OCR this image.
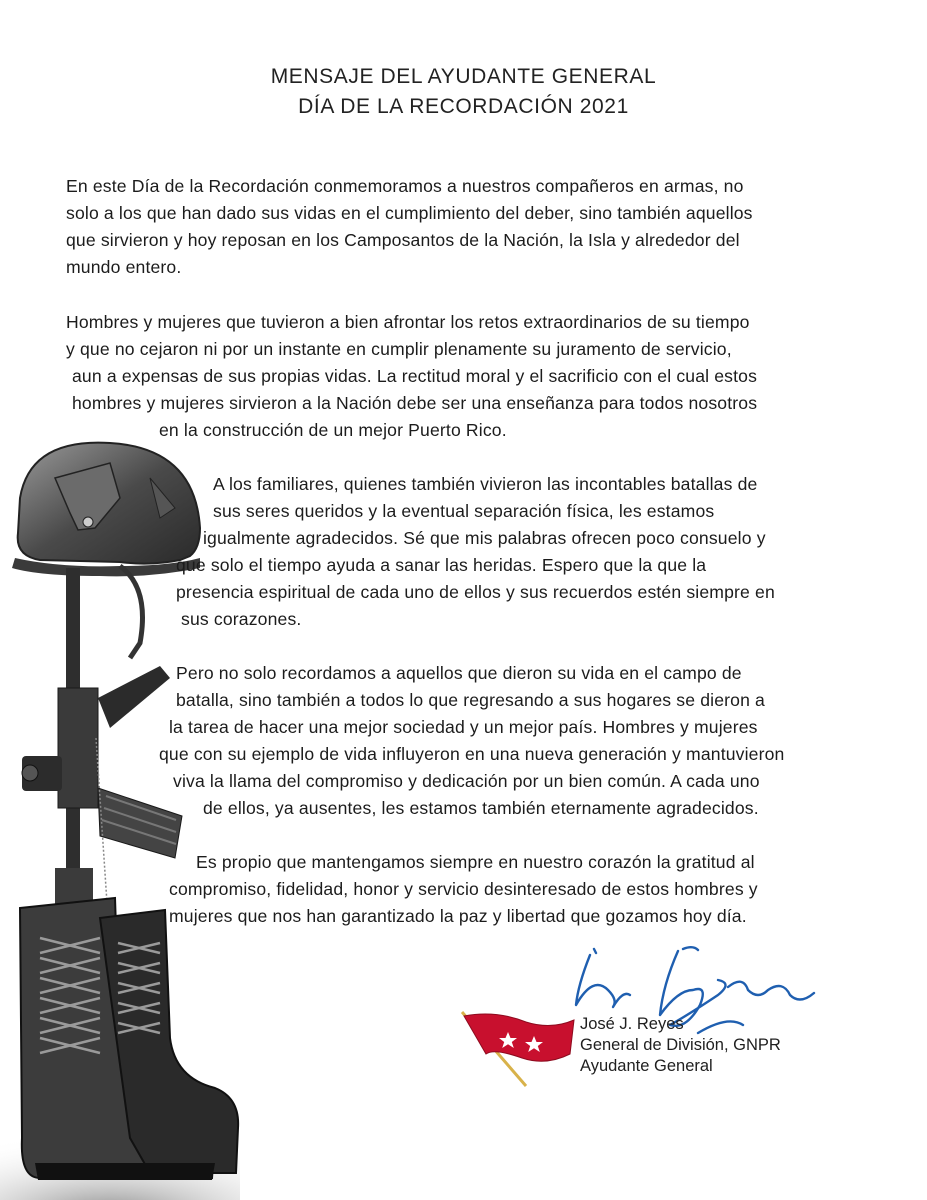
MENSAJE DEL AYUDANTE GENERAL
DÍA DE LA RECORDACIÓN 2021
En este Día de la Recordación conmemoramos a nuestros compañeros en armas, no
solo a los que han dado sus vidas en el cumplimiento del deber, sino también aquellos
que sirvieron y hoy reposan en los Camposantos de la Nación, la Isla y alrededor del
mundo entero.
Hombres y mujeres que tuvieron a bien afrontar los retos extraordinarios de su tiempo
y que no cejaron ni por un instante en cumplir plenamente su juramento de servicio,
aun a expensas de sus propias vidas. La rectitud moral y el sacrificio con el cual estos
hombres y mujeres sirvieron a la Nación debe ser una enseñanza para todos nosotros
en la construcción de un mejor Puerto Rico.
A los familiares, quienes también vivieron las incontables batallas de
sus seres queridos y la eventual separación física, les estamos
igualmente agradecidos. Sé que mis palabras ofrecen poco consuelo y
que solo el tiempo ayuda a sanar las heridas. Espero que la que la
presencia espiritual de cada uno de ellos y sus recuerdos estén siempre en
sus corazones.
Pero no solo recordamos a aquellos que dieron su vida en el campo de
batalla, sino también a todos lo que regresando a sus hogares se dieron a
la tarea de hacer una mejor sociedad y un mejor país. Hombres y mujeres
que con su ejemplo de vida influyeron en una nueva generación y mantuvieron
viva la llama del compromiso y dedicación por un bien común. A cada uno
de ellos, ya ausentes, les estamos también eternamente agradecidos.
Es propio que mantengamos siempre en nuestro corazón la gratitud al
compromiso, fidelidad, honor y servicio desinteresado de estos hombres y
mujeres que nos han garantizado la paz y libertad que gozamos hoy día.
José J. Reyes
General de División, GNPR
Ayudante General
